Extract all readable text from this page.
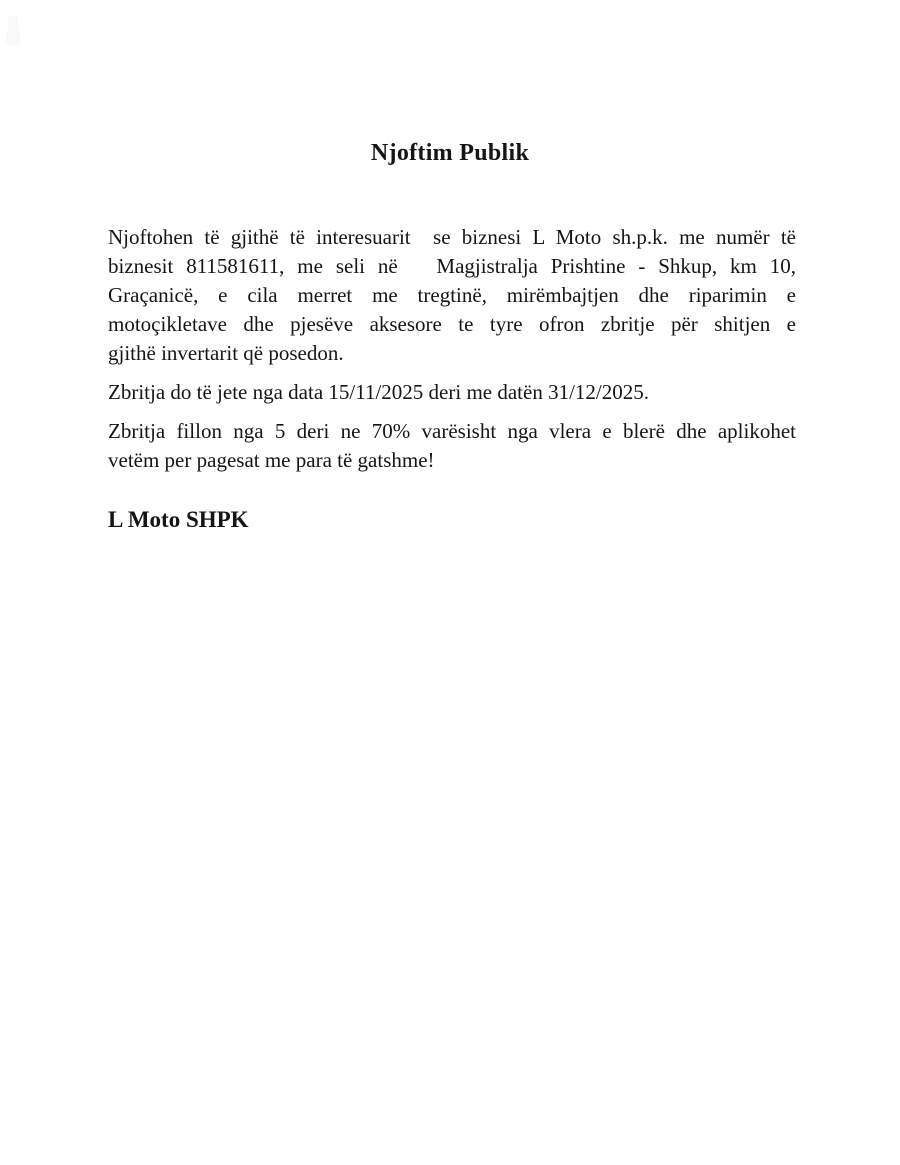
Njoftim Publik
Njoftohen të gjithë të interesuarit  se biznesi L Moto sh.p.k. me numër të
biznesit 811581611, me seli në   Magjistralja Prishtine - Shkup, km 10,
Graçanicë, e cila merret me tregtinë, mirëmbajtjen dhe riparimin e
motoçikletave dhe pjesëve aksesore te tyre ofron zbritje për shitjen e
gjithë invertarit që posedon.
Zbritja do të jete nga data 15/11/2025 deri me datën 31/12/2025.
Zbritja fillon nga 5 deri ne 70% varësisht nga vlera e blerë dhe aplikohet
vetëm per pagesat me para të gatshme!
L Moto SHPK
